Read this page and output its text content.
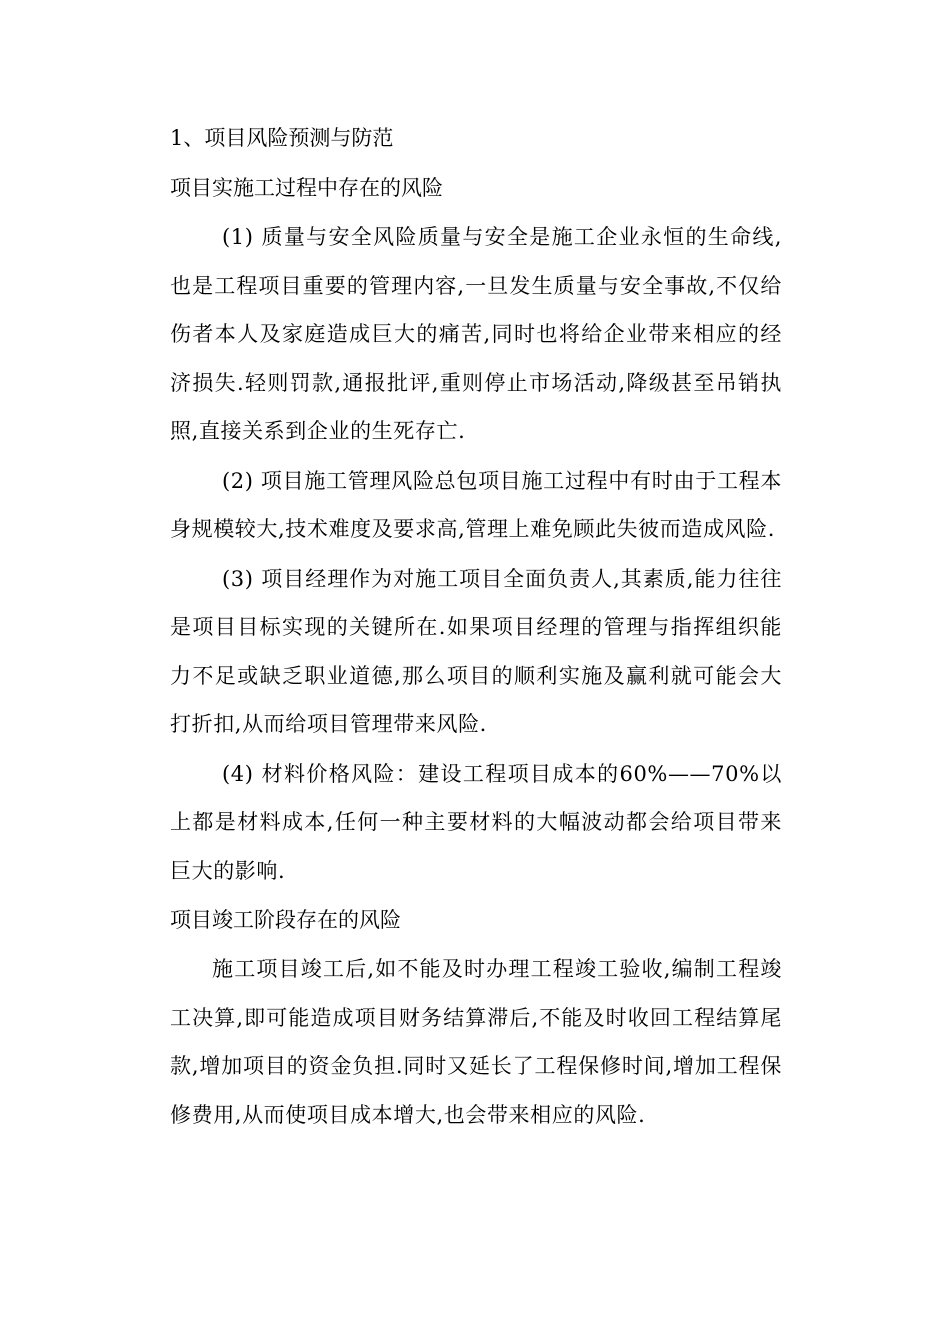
1、项目风险预测与防范

项目实施工过程中存在的风险

(1) 质量与安全风险质量与安全是施工企业永恒的生命线,也是工程项目重要的管理内容,一旦发生质量与安全事故,不仅给伤者本人及家庭造成巨大的痛苦,同时也将给企业带来相应的经济损失.轻则罚款,通报批评,重则停止市场活动,降级甚至吊销执照,直接关系到企业的生死存亡.

(2) 项目施工管理风险总包项目施工过程中有时由于工程本身规模较大,技术难度及要求高,管理上难免顾此失彼而造成风险.

(3) 项目经理作为对施工项目全面负责人,其素质,能力往往是项目目标实现的关键所在.如果项目经理的管理与指挥组织能力不足或缺乏职业道德,那么项目的顺利实施及赢利就可能会大打折扣,从而给项目管理带来风险.

(4) 材料价格风险：建设工程项目成本的60%——70%以上都是材料成本,任何一种主要材料的大幅波动都会给项目带来巨大的影响.

项目竣工阶段存在的风险

施工项目竣工后,如不能及时办理工程竣工验收,编制工程竣工决算,即可能造成项目财务结算滞后,不能及时收回工程结算尾款,增加项目的资金负担.同时又延长了工程保修时间,增加工程保修费用,从而使项目成本增大,也会带来相应的风险.
